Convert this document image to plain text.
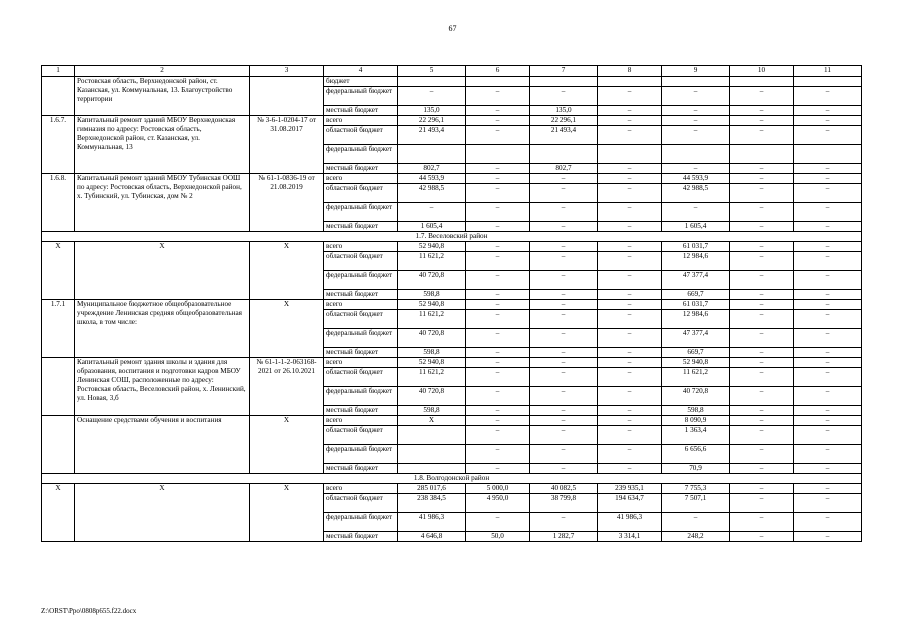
67
1	2	3	4	5	6	7	8	9	10	11
	Ростовская область, Верхнедонской район, ст. Казанская, ул. Коммунальная, 13. Благоустройство территории		бюджет							
			федеральный бюджет	–	–	–	–	–	–	–
			местный бюджет	135,0	–	135,0	–	–	–	–
1.6.7.	Капитальный ремонт зданий МБОУ Верхнедонская гимназия по адресу: Ростовская область, Верхнедонской район, ст. Казанская, ул. Коммунальная, 13	№ 3-6-1-0204-17 от 31.08.2017	всего	22 296,1	–	22 296,1	–	–	–	–
			областной бюджет	21 493,4	–	21 493,4	–	–	–	–
			федеральный бюджет							
			местный бюджет	802,7	–	802,7	–	–	–	–
1.6.8.	Капитальный ремонт зданий МБОУ Тубинская ООШ по адресу: Ростовская область, Верхнедонской район, х. Тубинский, ул. Тубинская, дом № 2	№ 61-1-0836-19 от 21.08.2019	всего	44 593,9	–	–	–	44 593,9	–	–
			областной бюджет	42 988,5	–	–	–	42 988,5	–	–
			федеральный бюджет	–	–	–	–	–	–	–
			местный бюджет	1 605,4	–	–	–	1 605,4	–	–
1.7. Веселовский район										
Х	Х	Х	всего	52 940,8	–	–	–	61 031,7	–	–
			областной бюджет	11 621,2	–	–	–	12 984,6	–	–
			федеральный бюджет	40 720,8	–	–	–	47 377,4	–	–
			местный бюджет	598,8	–	–	–	669,7	–	–
1.7.1	Муниципальное бюджетное общеобразовательное учреждение Ленинская средняя общеобразовательная школа, в том числе:	Х	всего	52 940,8	–	–	–	61 031,7	–	–
			областной бюджет	11 621,2	–	–	–	12 984,6	–	–
			федеральный бюджет	40 720,8	–	–	–	47 377,4	–	–
			местный бюджет	598,8	–	–	–	669,7	–	–
	Капитальный ремонт здания школы и здания для образования, воспитания и подготовки кадров МБОУ Ленинская СОШ, расположенные по адресу: Ростовская область, Веселовский район, х. Ленинский, ул. Новая, 3,б	№ 61-1-1-2-063168-2021 от 26.10.2021	всего	52 940,8	–	–	–	52 940,8	–	–
			областной бюджет	11 621,2	–	–	–	11 621,2	–	–
			федеральный бюджет	40 720,8	–	–	–	40 720,8	–	–
			местный бюджет	598,8	–	–	–	598,8	–	–
	Оснащение средствами обучения и воспитания	Х	всего	Х	–	–	–	8 090,9	–	–
			областной бюджет		–	–	–	1 363,4	–	–
			федеральный бюджет		–	–	–	6 656,6	–	–
			местный бюджет		–	–	–	70,9	–	–
1.8. Волгодонской район										
Х	Х	Х	всего	285 017,6	5 000,0	40 082,5	239 935,1	7 755,3	–	–
			областной бюджет	238 384,5	4 950,0	38 799,8	194 634,7	7 507,1	–	–
			федеральный бюджет	41 986,3	–	–	41 986,3	–	–	–
			местный бюджет	4 646,8	50,0	1 282,7	3 314,1	248,2	–	–
Z:\ORST\Ppo\0808p655.f22.docx
